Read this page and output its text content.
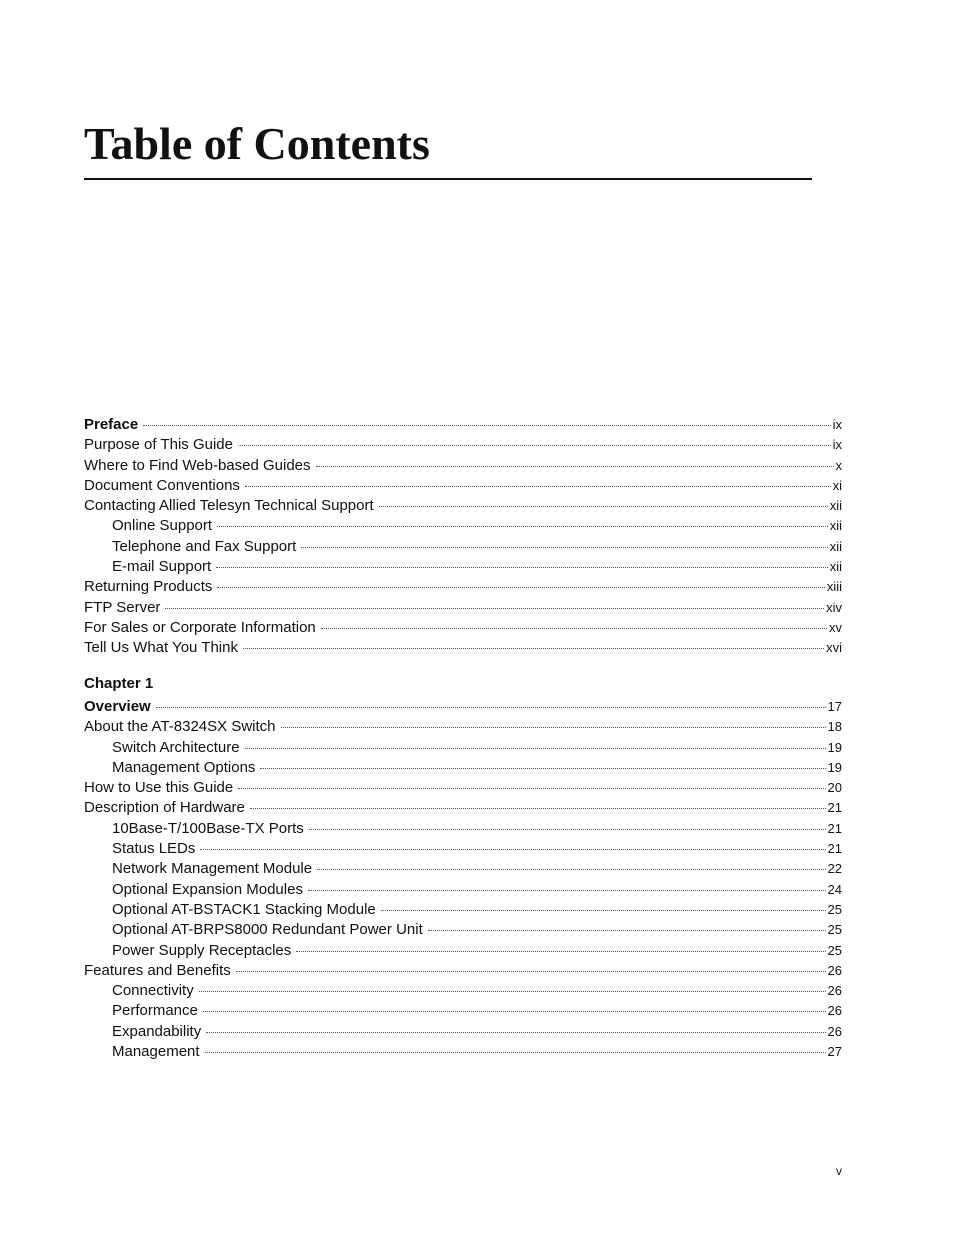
Table of Contents
Preface	ix
Purpose of This Guide	ix
Where to Find Web-based Guides	x
Document Conventions	xi
Contacting Allied Telesyn Technical Support	xii
Online Support	xii
Telephone and Fax Support	xii
E-mail Support	xii
Returning Products	xiii
FTP Server	xiv
For Sales or Corporate Information	xv
Tell Us What You Think	xvi
Chapter 1
Overview	17
About the AT-8324SX Switch	18
Switch Architecture	19
Management Options	19
How to Use this Guide	20
Description of Hardware	21
10Base-T/100Base-TX Ports	21
Status LEDs	21
Network Management Module	22
Optional Expansion Modules	24
Optional AT-BSTACK1 Stacking Module	25
Optional AT-BRPS8000 Redundant Power Unit	25
Power Supply Receptacles	25
Features and Benefits	26
Connectivity	26
Performance	26
Expandability	26
Management	27
v
